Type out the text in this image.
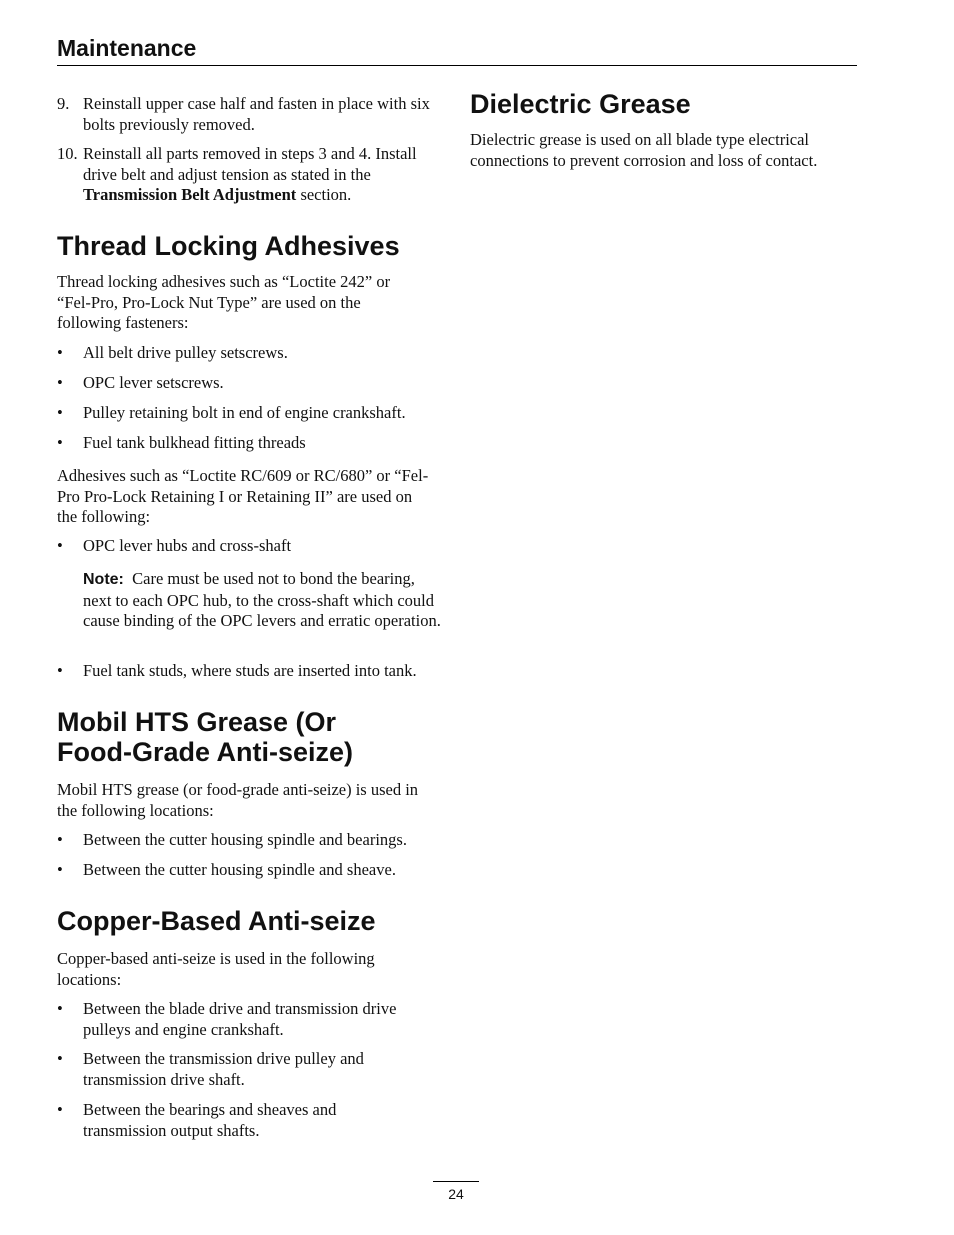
Maintenance
9. Reinstall upper case half and fasten in place with six bolts previously removed.
10. Reinstall all parts removed in steps 3 and 4. Install drive belt and adjust tension as stated in the Transmission Belt Adjustment section.
Thread Locking Adhesives

Thread locking adhesives such as “Loctite 242” or “Fel-Pro, Pro-Lock Nut Type” are used on the following fasteners:

• All belt drive pulley setscrews.
• OPC lever setscrews.
• Pulley retaining bolt in end of engine crankshaft.
• Fuel tank bulkhead fitting threads

Adhesives such as “Loctite RC/609 or RC/680” or “Fel-Pro Pro-Lock Retaining I or Retaining II” are used on the following:

• OPC lever hubs and cross-shaft
Note: Care must be used not to bond the bearing, next to each OPC hub, to the cross-shaft which could cause binding of the OPC levers and erratic operation.
• Fuel tank studs, where studs are inserted into tank.
Mobil HTS Grease (Or
Food-Grade Anti-seize)

Mobil HTS grease (or food-grade anti-seize) is used in the following locations:

• Between the cutter housing spindle and bearings.
• Between the cutter housing spindle and sheave.
Copper-Based Anti-seize

Copper-based anti-seize is used in the following locations:

• Between the blade drive and transmission drive pulleys and engine crankshaft.
• Between the transmission drive pulley and transmission drive shaft.
• Between the bearings and sheaves and transmission output shafts.
Dielectric Grease

Dielectric grease is used on all blade type electrical connections to prevent corrosion and loss of contact.

24
